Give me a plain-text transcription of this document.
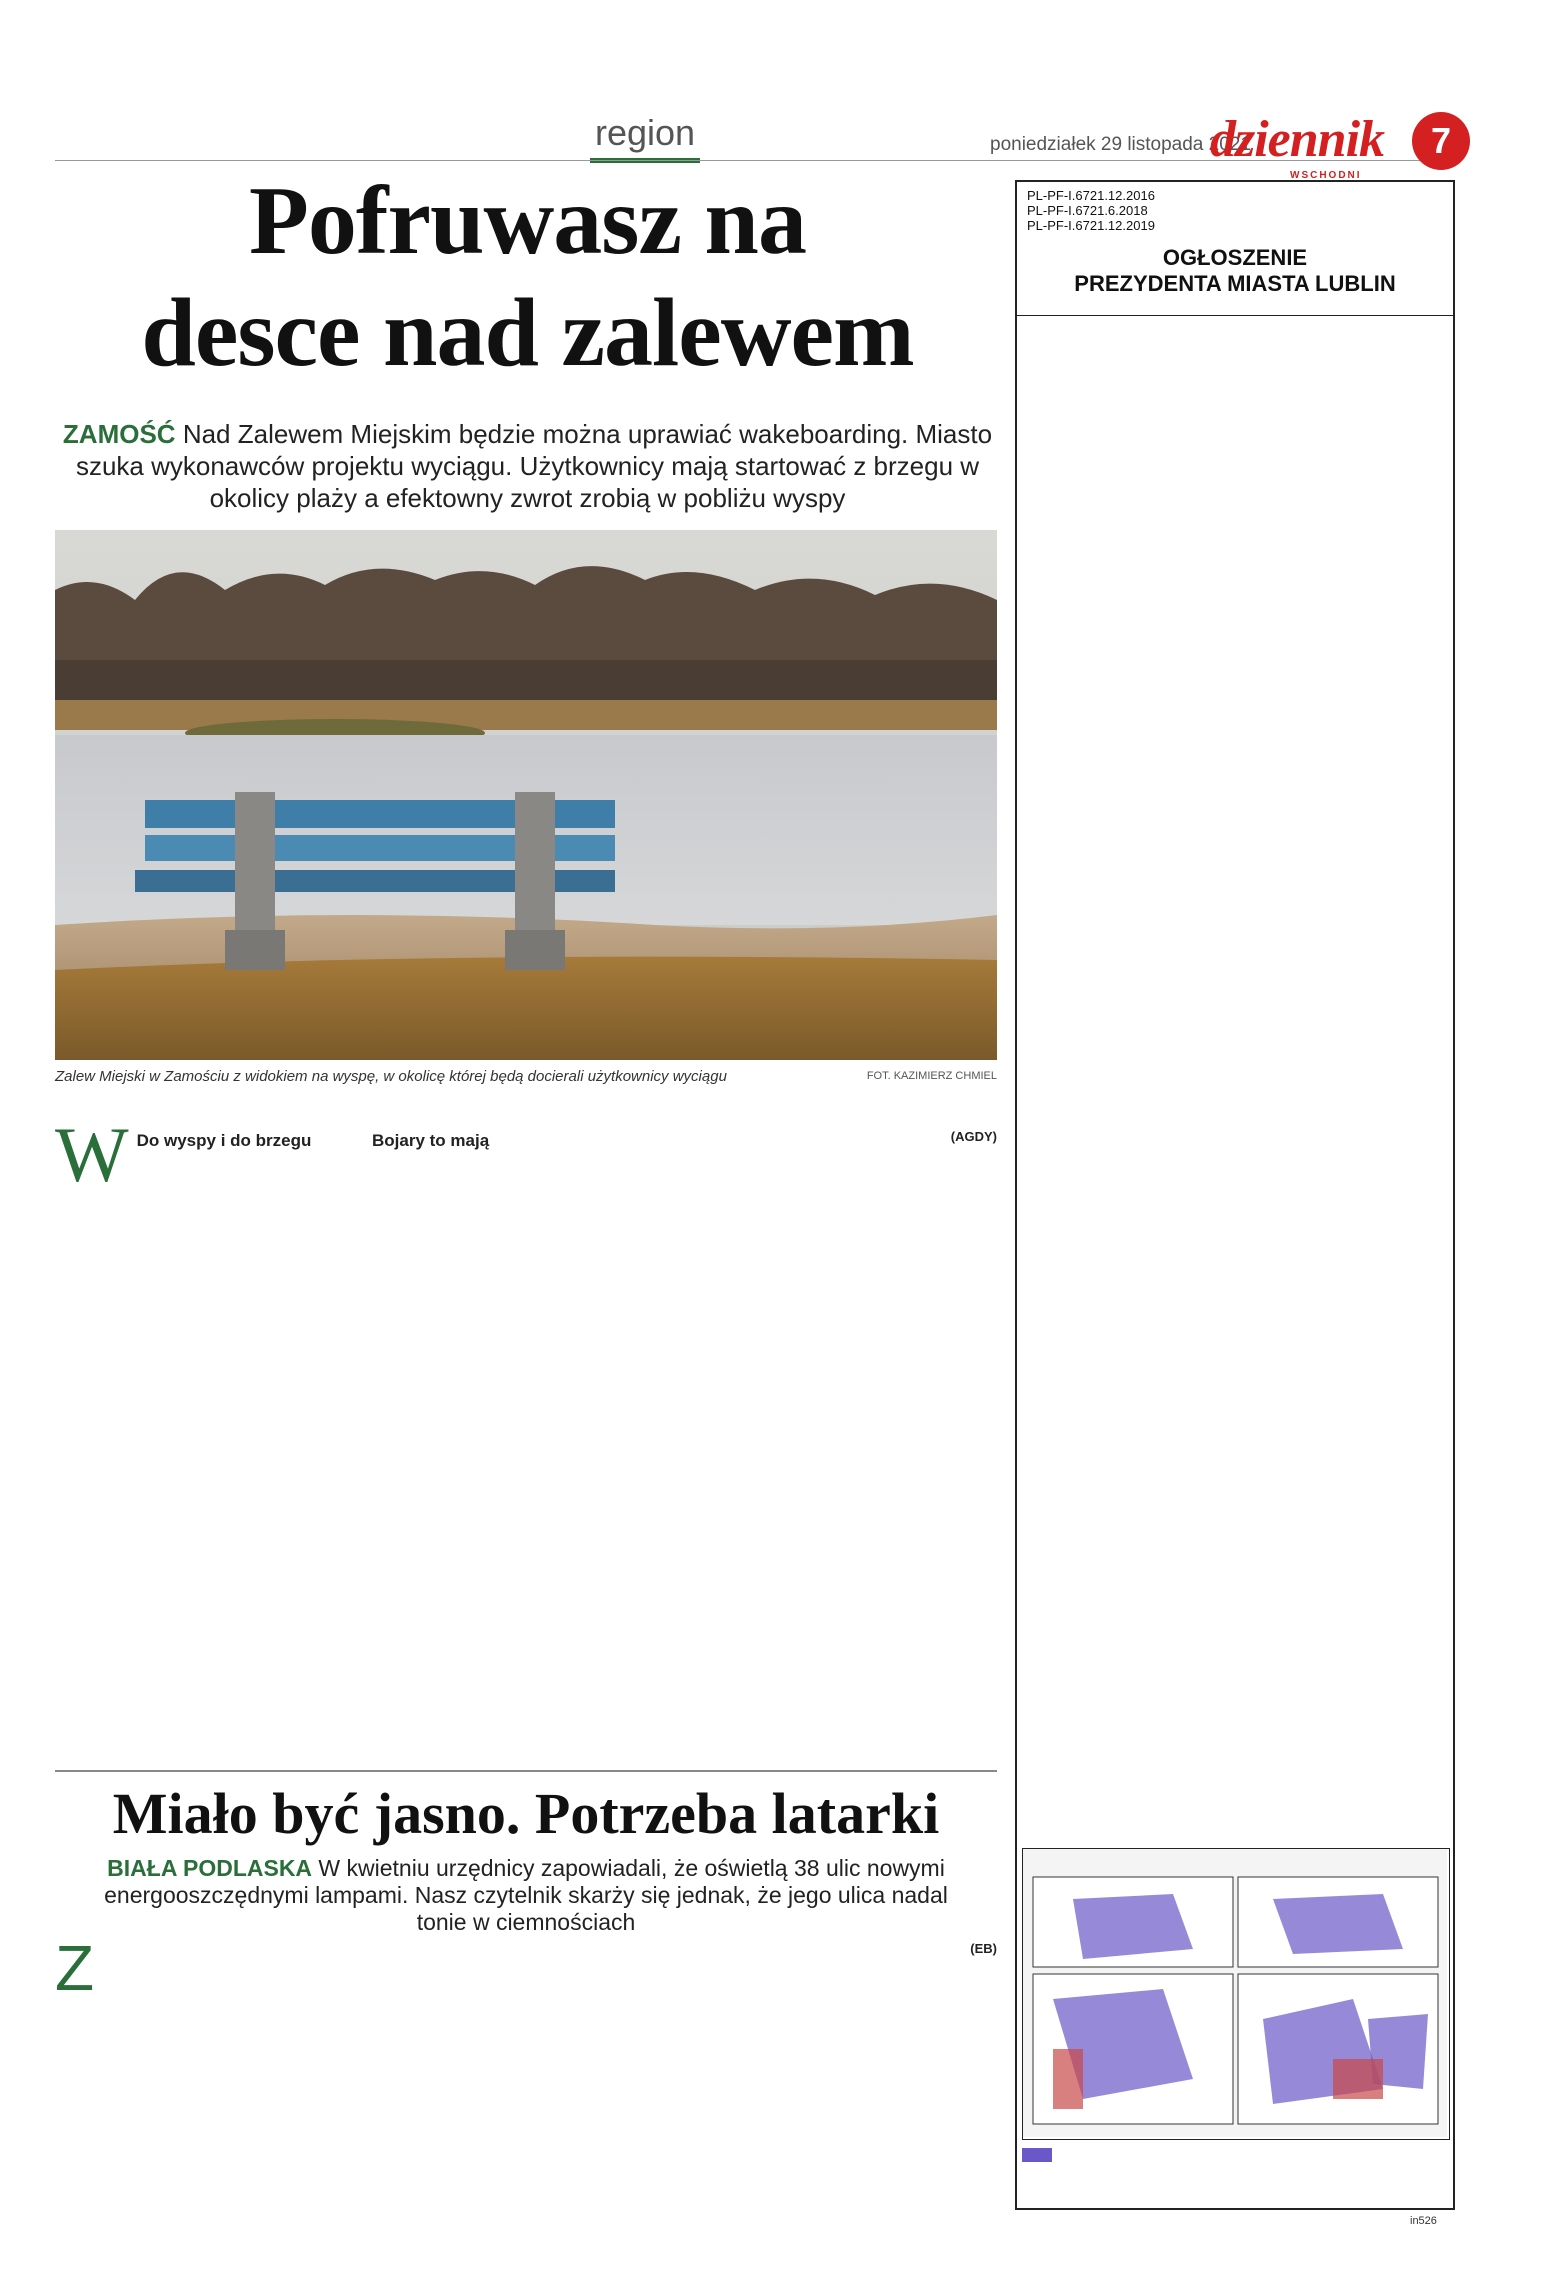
region	poniedziałek 29 listopada 2021
dziennik
WSCHODNI
7
Pofruwasz na
desce nad zalewem
ZAMOŚĆ Nad Zalewem Miejskim będzie można uprawiać wakeboarding. Miasto szuka wykonawców projektu wyciągu. Użytkownicy mają startować z brzegu w okolicy plaży a efektowny zwrot zrobią w pobliżu wyspy
Zalew Miejski w Zamościu z widokiem na wyspę, w okolicę której będą docierali użytkownicy wyciągu	FOT. KAZIMIERZ CHMIEL
W Do wyspy i do brzegu	Bojary to mają	(AGDY)
Miało być jasno. Potrzeba latarki
BIAŁA PODLASKA W kwietniu urzędnicy zapowiadali, że oświetlą 38 ulic nowymi energooszczędnymi lampami. Nasz czytelnik skarży się jednak, że jego ulica nadal tonie w ciemnościach
Z	(EB)
PL-PF-I.6721.12.2016
PL-PF-I.6721.6.2018
PL-PF-I.6721.12.2019
OGŁOSZENIE
PREZYDENTA MIASTA LUBLIN

in526
